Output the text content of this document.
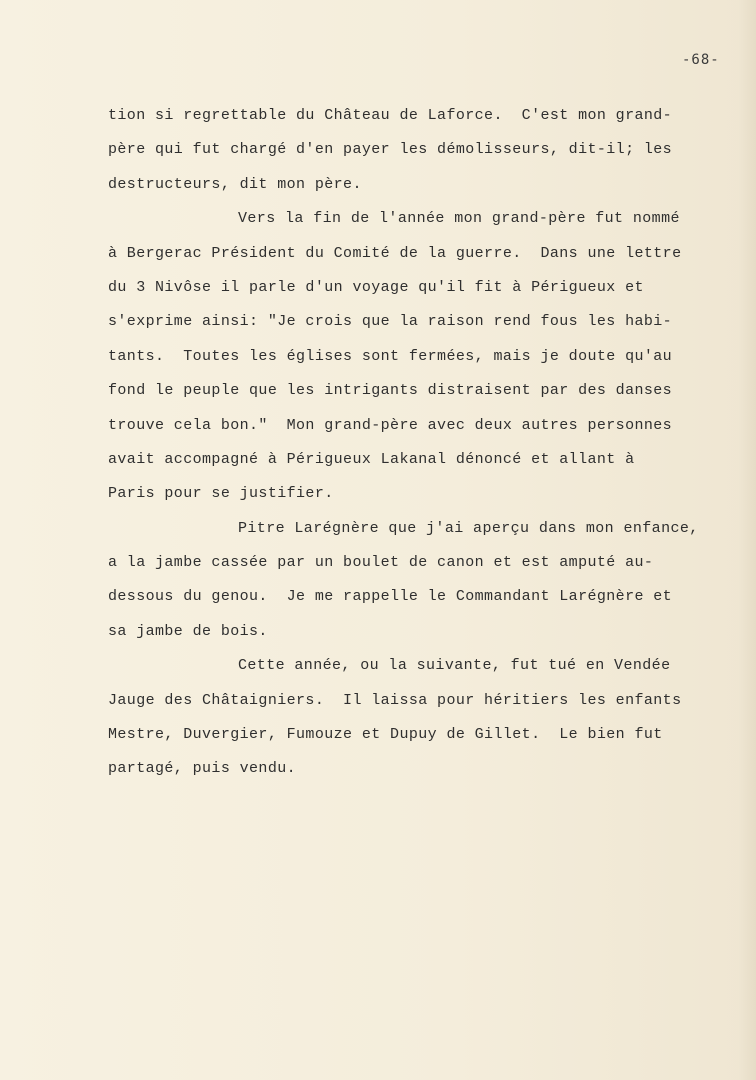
-68-
tion si regrettable du Château de Laforce.  C'est mon grand-
père qui fut chargé d'en payer les démolisseurs, dit-il; les
destructeurs, dit mon père.
Vers la fin de l'année mon grand-père fut nommé
à Bergerac Président du Comité de la guerre.  Dans une lettre
du 3 Nivôse il parle d'un voyage qu'il fit à Périgueux et
s'exprime ainsi: "Je crois que la raison rend fous les habi-
tants.  Toutes les églises sont fermées, mais je doute qu'au
fond le peuple que les intrigants distraisent par des danses
trouve cela bon."  Mon grand-père avec deux autres personnes
avait accompagné à Périgueux Lakanal dénoncé et allant à
Paris pour se justifier.
Pitre Larégnère que j'ai aperçu dans mon enfance,
a la jambe cassée par un boulet de canon et est amputé au-
dessous du genou.  Je me rappelle le Commandant Larégnère et
sa jambe de bois.
Cette année, ou la suivante, fut tué en Vendée
Jauge des Châtaigniers.  Il laissa pour héritiers les enfants
Mestre, Duvergier, Fumouze et Dupuy de Gillet.  Le bien fut
partagé, puis vendu.
